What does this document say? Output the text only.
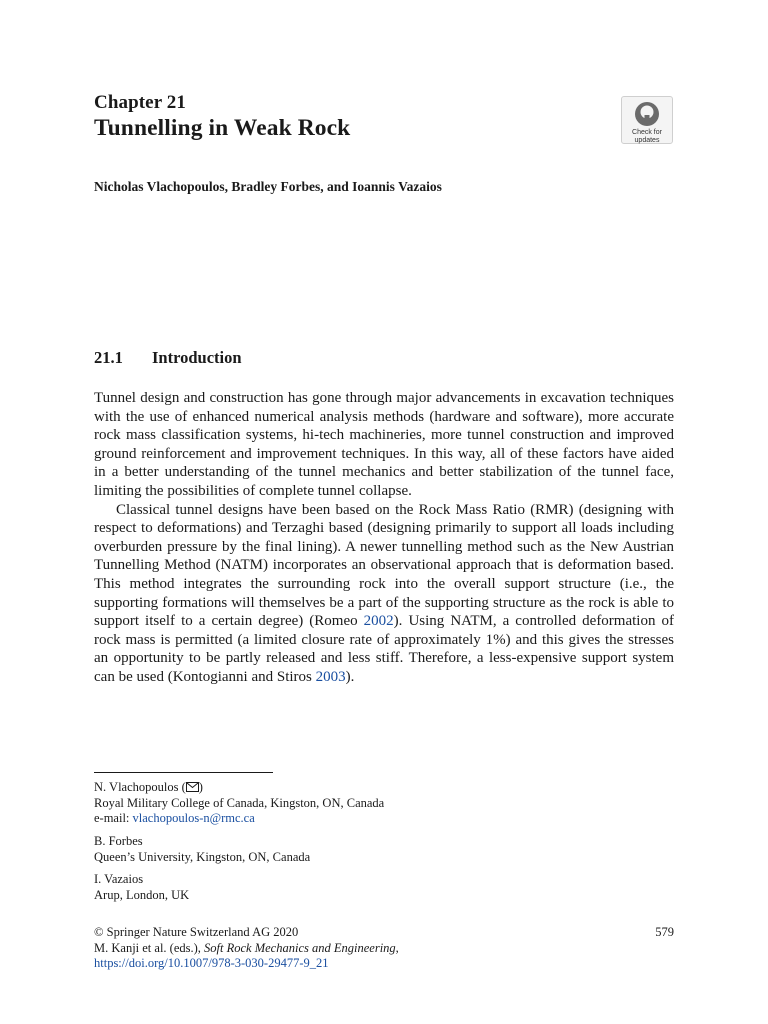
Chapter 21
Tunnelling in Weak Rock	Check for
updates
Nicholas Vlachopoulos, Bradley Forbes, and Ioannis Vazaios
21.1 Introduction

Tunnel design and construction has gone through major advancements in excavation techniques with the use of enhanced numerical analysis methods (hardware and software), more accurate rock mass classification systems, hi-tech machineries, more tunnel construction and improved ground reinforcement and improvement techniques. In this way, all of these factors have aided in a better understanding of the tunnel mechanics and better stabilization of the tunnel face, limiting the possibilities of complete tunnel collapse.

Classical tunnel designs have been based on the Rock Mass Ratio (RMR) (designing with respect to deformations) and Terzaghi based (designing primarily to support all loads including overburden pressure by the final lining). A newer tunnelling method such as the New Austrian Tunnelling Method (NATM) incorporates an observational approach that is deformation based. This method integrates the surrounding rock into the overall support structure (i.e., the supporting formations will themselves be a part of the supporting structure as the rock is able to support itself to a certain degree) (Romeo 2002). Using NATM, a controlled deformation of rock mass is permitted (a limited closure rate of approximately 1%) and this gives the stresses an opportunity to be partly released and less stiff. Therefore, a less-expensive support system can be used (Kontogianni and Stiros 2003).

N. Vlachopoulos ( )
Royal Military College of Canada, Kingston, ON, Canada
e-mail: vlachopoulos-n@rmc.ca
B. Forbes
Queen’s University, Kingston, ON, Canada
I. Vazaios
Arup, London, UK
© Springer Nature Switzerland AG 2020
M. Kanji et al. (eds.), Soft Rock Mechanics and Engineering,
https://doi.org/10.1007/978-3-030-29477-9_21
579
